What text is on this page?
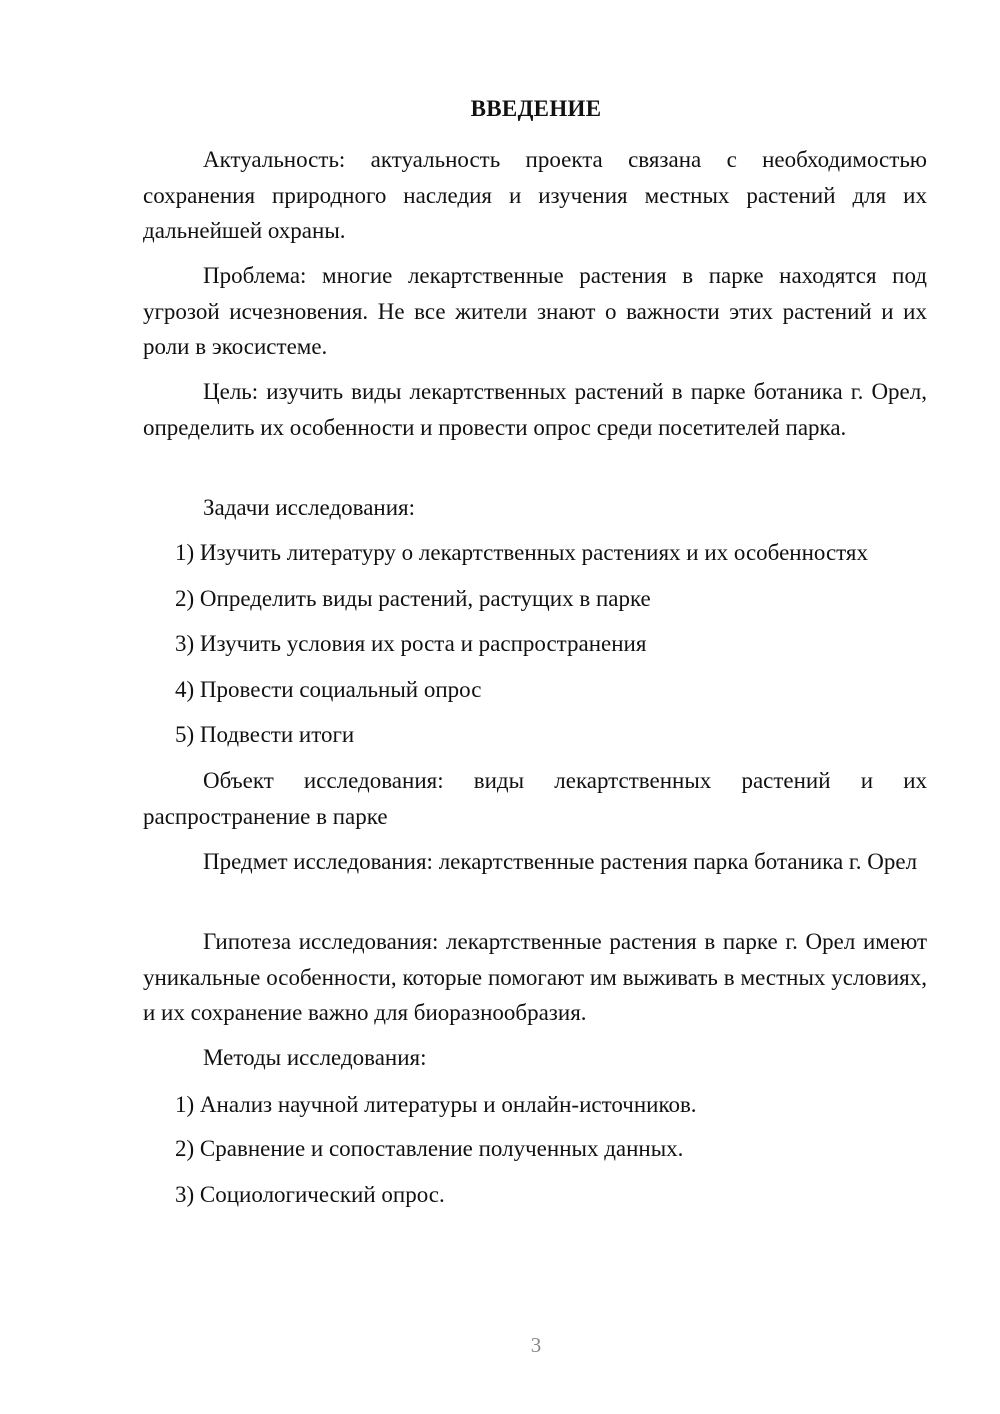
ВВЕДЕНИЕ
Актуальность: актуальность проекта связана с необходимостью сохранения природного наследия и изучения местных растений для их дальнейшей охраны.
Проблема: многие лекартственные растения в парке находятся под угрозой исчезновения. Не все жители знают о важности этих растений и их роли в экосистеме.
Цель: изучить виды лекартственных растений в парке ботаника г. Орел, определить их особенности и провести опрос среди посетителей парка.
Задачи исследования:
1) Изучить литературу о лекартственных растениях и их особенностях
2) Определить виды растений, растущих в парке
3) Изучить условия их роста и распространения
4) Провести социальный опрос
5) Подвести итоги
Объект исследования: виды лекартственных растений и их распространение в парке
Предмет исследования: лекартственные растения парка ботаника г. Орел
Гипотеза исследования: лекартственные растения в парке г. Орел имеют уникальные особенности, которые помогают им выживать в местных условиях, и их сохранение важно для биоразнообразия.
Методы исследования:
1) Анализ научной литературы и онлайн-источников.
2) Сравнение и сопоставление полученных данных.
3) Социологический опрос.
3
